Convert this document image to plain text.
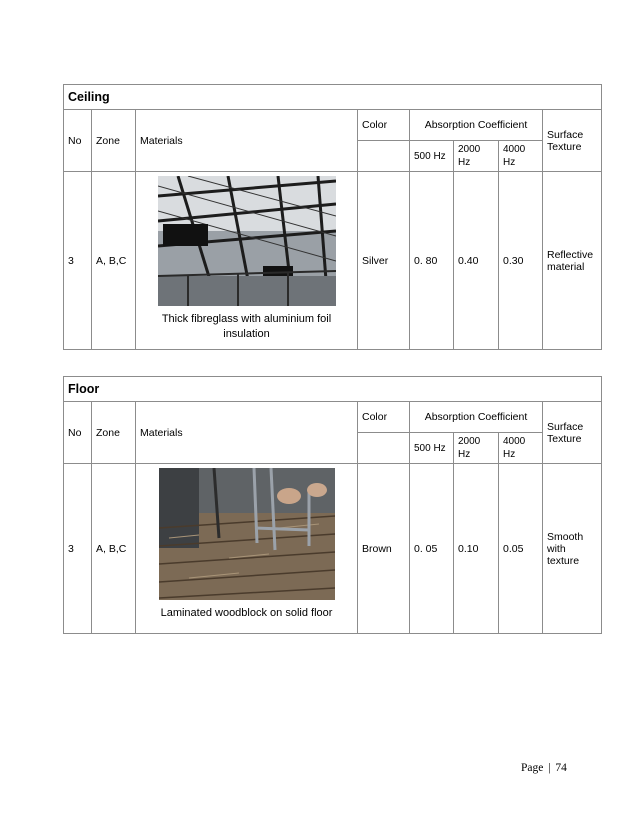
Ceiling							
No	Zone	Materials	Color	Absorption Coefficient			Surface Texture
				500 Hz	2000 Hz	4000 Hz	
3	A, B,C	Thick fibreglass with aluminium foil insulation	Silver	0. 80	0.40	0.30	Reflective material
Floor							
No	Zone	Materials	Color	Absorption Coefficient			Surface Texture
				500 Hz	2000 Hz	4000 Hz	
3	A, B,C	Laminated woodblock on solid floor	Brown	0. 05	0.10	0.05	Smooth with texture
Page | 74
